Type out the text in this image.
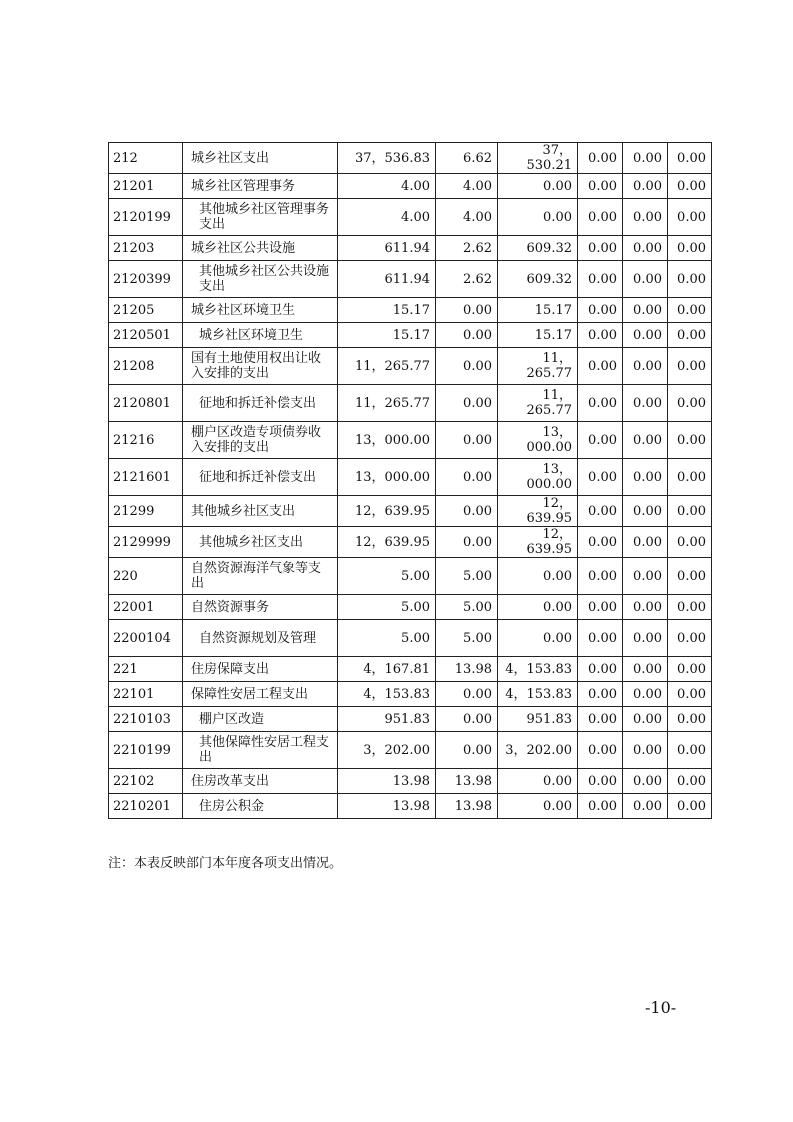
212	城乡社区支出	37，536.83	6.62	37，530.21	0.00	0.00	0.00
21201	城乡社区管理事务	4.00	4.00	0.00	0.00	0.00	0.00
2120199	其他城乡社区管理事务支出	4.00	4.00	0.00	0.00	0.00	0.00
21203	城乡社区公共设施	611.94	2.62	609.32	0.00	0.00	0.00
2120399	其他城乡社区公共设施支出	611.94	2.62	609.32	0.00	0.00	0.00
21205	城乡社区环境卫生	15.17	0.00	15.17	0.00	0.00	0.00
2120501	城乡社区环境卫生	15.17	0.00	15.17	0.00	0.00	0.00
21208	国有土地使用权出让收入安排的支出	11，265.77	0.00	11，265.77	0.00	0.00	0.00
2120801	征地和拆迁补偿支出	11，265.77	0.00	11，265.77	0.00	0.00	0.00
21216	棚户区改造专项债券收入安排的支出	13，000.00	0.00	13，000.00	0.00	0.00	0.00
2121601	征地和拆迁补偿支出	13，000.00	0.00	13，000.00	0.00	0.00	0.00
21299	其他城乡社区支出	12，639.95	0.00	12，639.95	0.00	0.00	0.00
2129999	其他城乡社区支出	12，639.95	0.00	12，639.95	0.00	0.00	0.00
220	自然资源海洋气象等支出	5.00	5.00	0.00	0.00	0.00	0.00
22001	自然资源事务	5.00	5.00	0.00	0.00	0.00	0.00
2200104	自然资源规划及管理	5.00	5.00	0.00	0.00	0.00	0.00
221	住房保障支出	4，167.81	13.98	4，153.83	0.00	0.00	0.00
22101	保障性安居工程支出	4，153.83	0.00	4，153.83	0.00	0.00	0.00
2210103	棚户区改造	951.83	0.00	951.83	0.00	0.00	0.00
2210199	其他保障性安居工程支出	3，202.00	0.00	3，202.00	0.00	0.00	0.00
22102	住房改革支出	13.98	13.98	0.00	0.00	0.00	0.00
2210201	住房公积金	13.98	13.98	0.00	0.00	0.00	0.00
注：本表反映部门本年度各项支出情况。
-10-
